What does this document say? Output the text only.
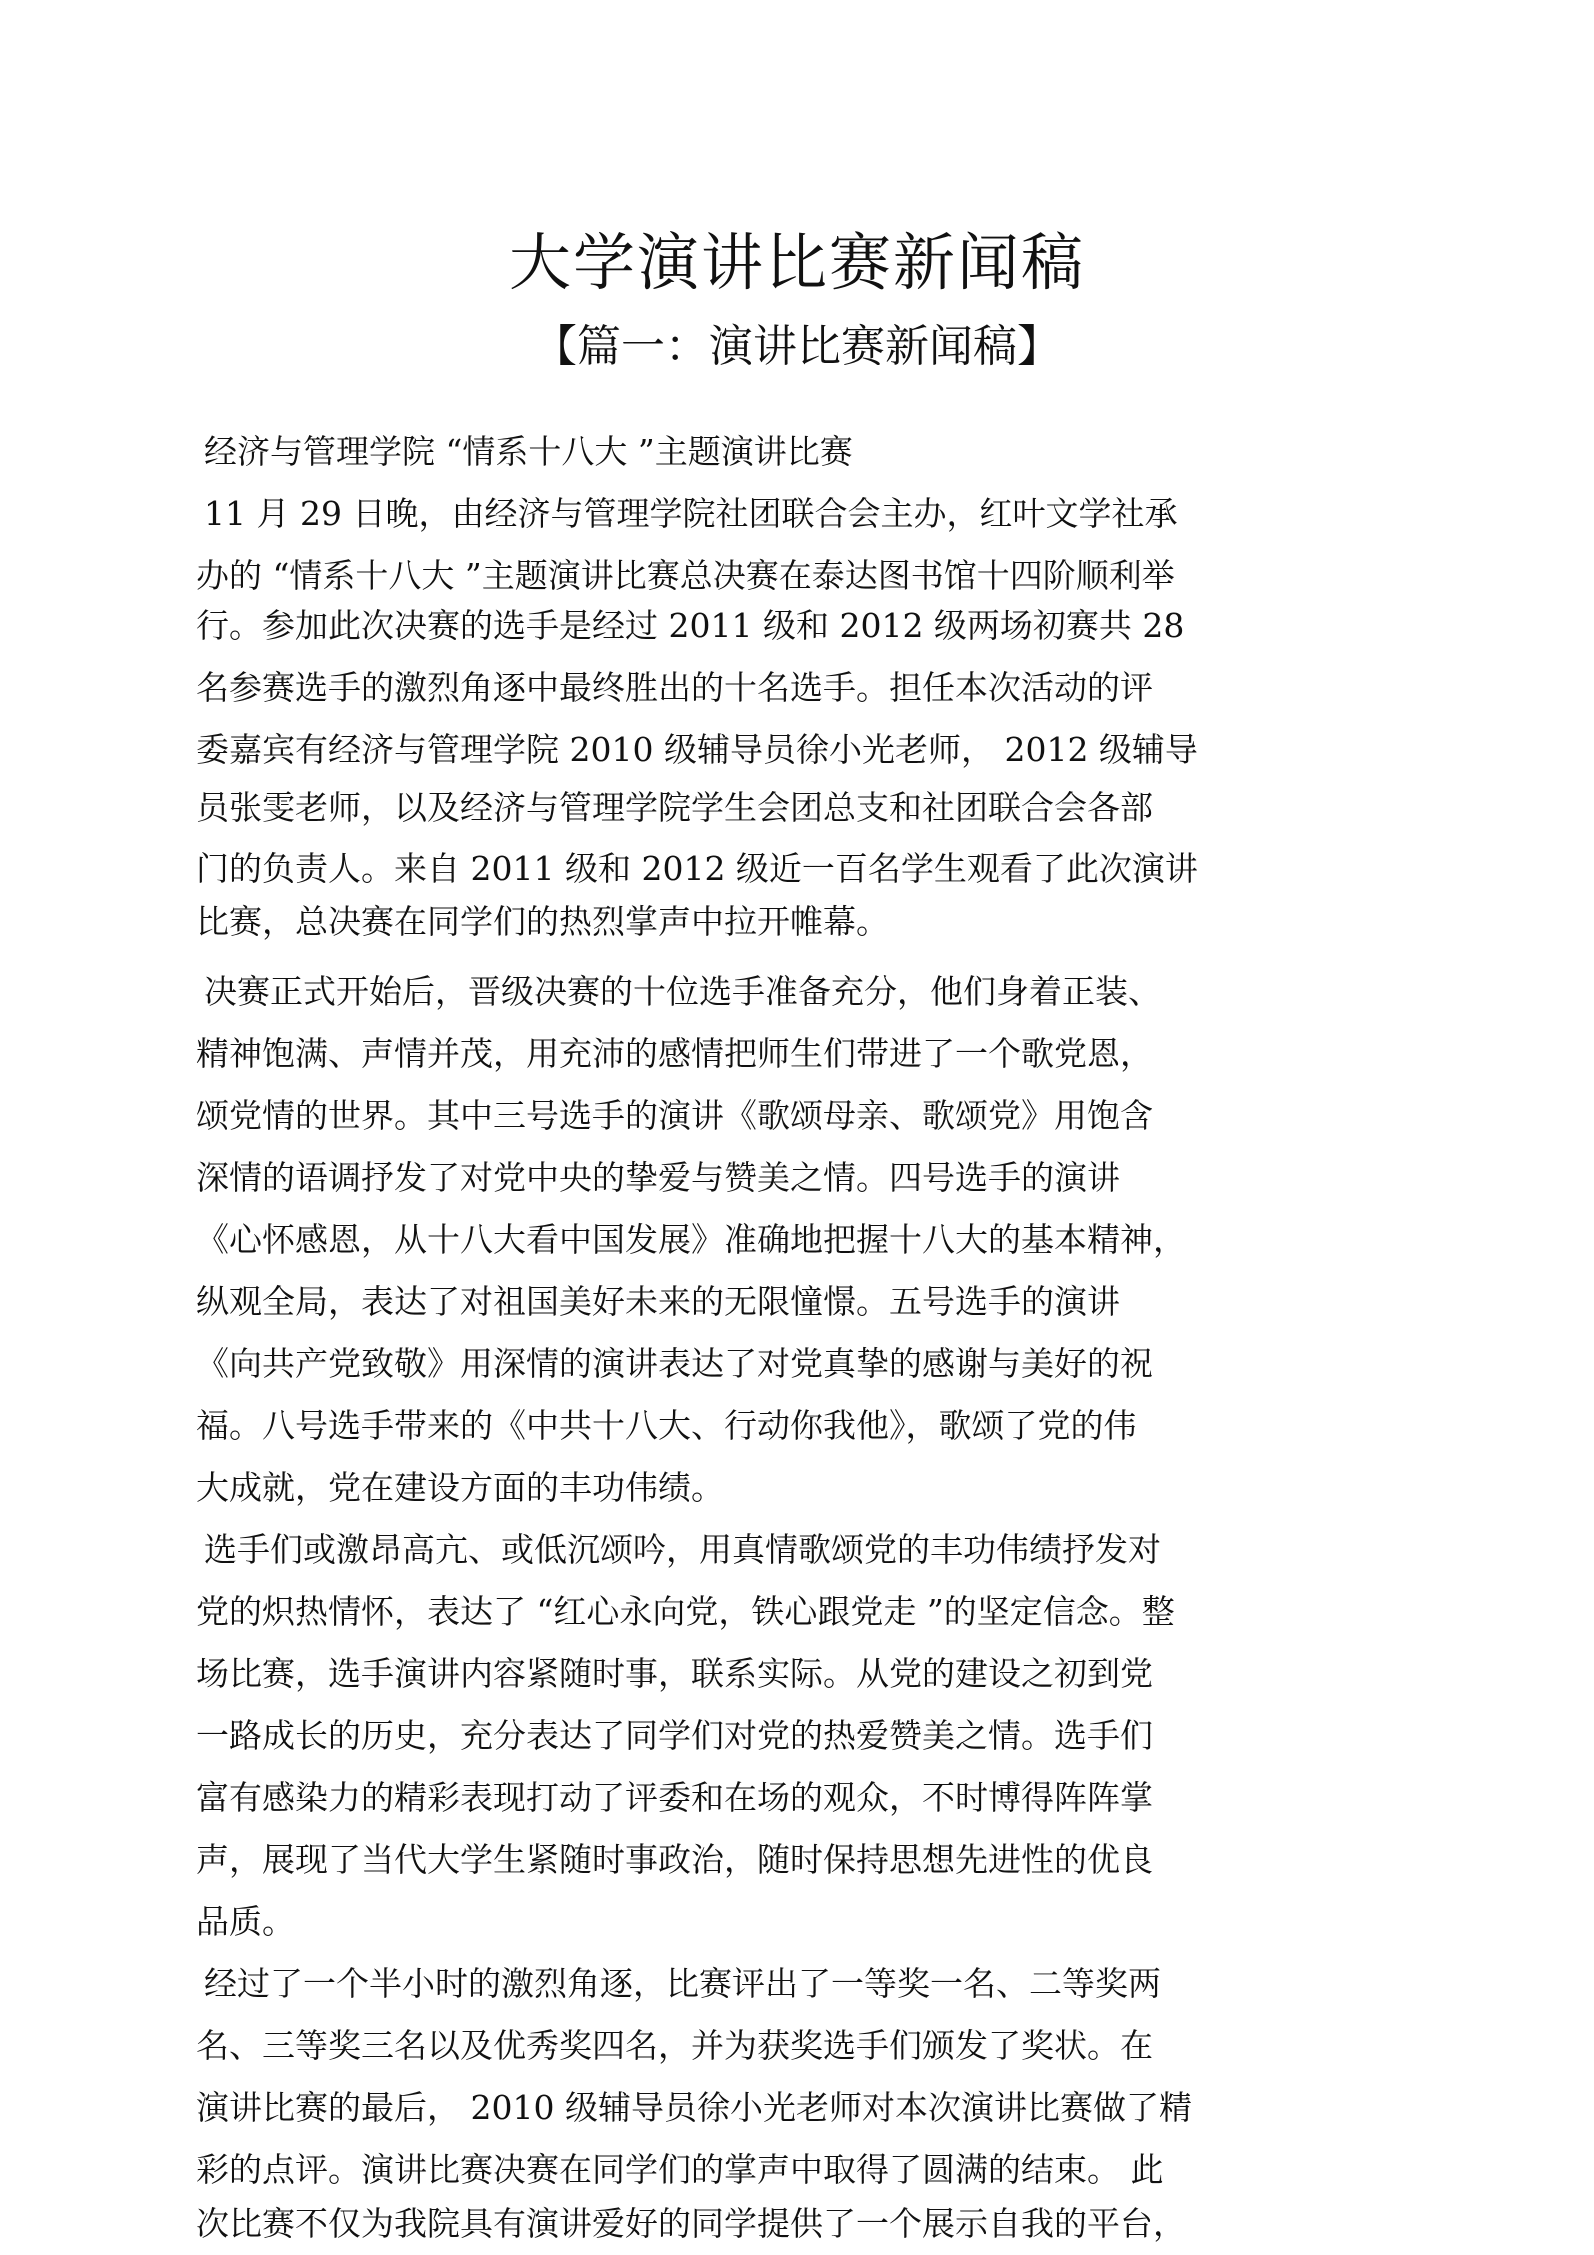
大学演讲比赛新闻稿
【篇一：演讲比赛新闻稿】
经济与管理学院 “情系十八大 ”主题演讲比赛
11 月 29 日晚，由经济与管理学院社团联合会主办，红叶文学社承
办的 “情系十八大 ”主题演讲比赛总决赛在泰达图书馆十四阶顺利举
行。参加此次决赛的选手是经过 2011 级和 2012 级两场初赛共 28
名参赛选手的激烈角逐中最终胜出的十名选手。担任本次活动的评
委嘉宾有经济与管理学院 2010 级辅导员徐小光老师， 2012 级辅导
员张雯老师，以及经济与管理学院学生会团总支和社团联合会各部
门的负责人。来自 2011 级和 2012 级近一百名学生观看了此次演讲
比赛，总决赛在同学们的热烈掌声中拉开帷幕。
决赛正式开始后，晋级决赛的十位选手准备充分，他们身着正装、
精神饱满、声情并茂，用充沛的感情把师生们带进了一个歌党恩，
颂党情的世界。其中三号选手的演讲《歌颂母亲、歌颂党》用饱含
深情的语调抒发了对党中央的挚爱与赞美之情。四号选手的演讲
《心怀感恩，从十八大看中国发展》准确地把握十八大的基本精神，
纵观全局，表达了对祖国美好未来的无限憧憬。五号选手的演讲
《向共产党致敬》用深情的演讲表达了对党真挚的感谢与美好的祝
福。八号选手带来的《中共十八大、行动你我他》，歌颂了党的伟
大成就，党在建设方面的丰功伟绩。
选手们或激昂高亢、或低沉颂吟，用真情歌颂党的丰功伟绩抒发对
党的炽热情怀，表达了 “红心永向党，铁心跟党走 ”的坚定信念。整
场比赛，选手演讲内容紧随时事，联系实际。从党的建设之初到党
一路成长的历史，充分表达了同学们对党的热爱赞美之情。选手们
富有感染力的精彩表现打动了评委和在场的观众，不时博得阵阵掌
声，展现了当代大学生紧随时事政治，随时保持思想先进性的优良
品质。
经过了一个半小时的激烈角逐，比赛评出了一等奖一名、二等奖两
名、三等奖三名以及优秀奖四名，并为获奖选手们颁发了奖状。在
演讲比赛的最后， 2010 级辅导员徐小光老师对本次演讲比赛做了精
彩的点评。演讲比赛决赛在同学们的掌声中取得了圆满的结束。 此
次比赛不仅为我院具有演讲爱好的同学提供了一个展示自我的平台，
